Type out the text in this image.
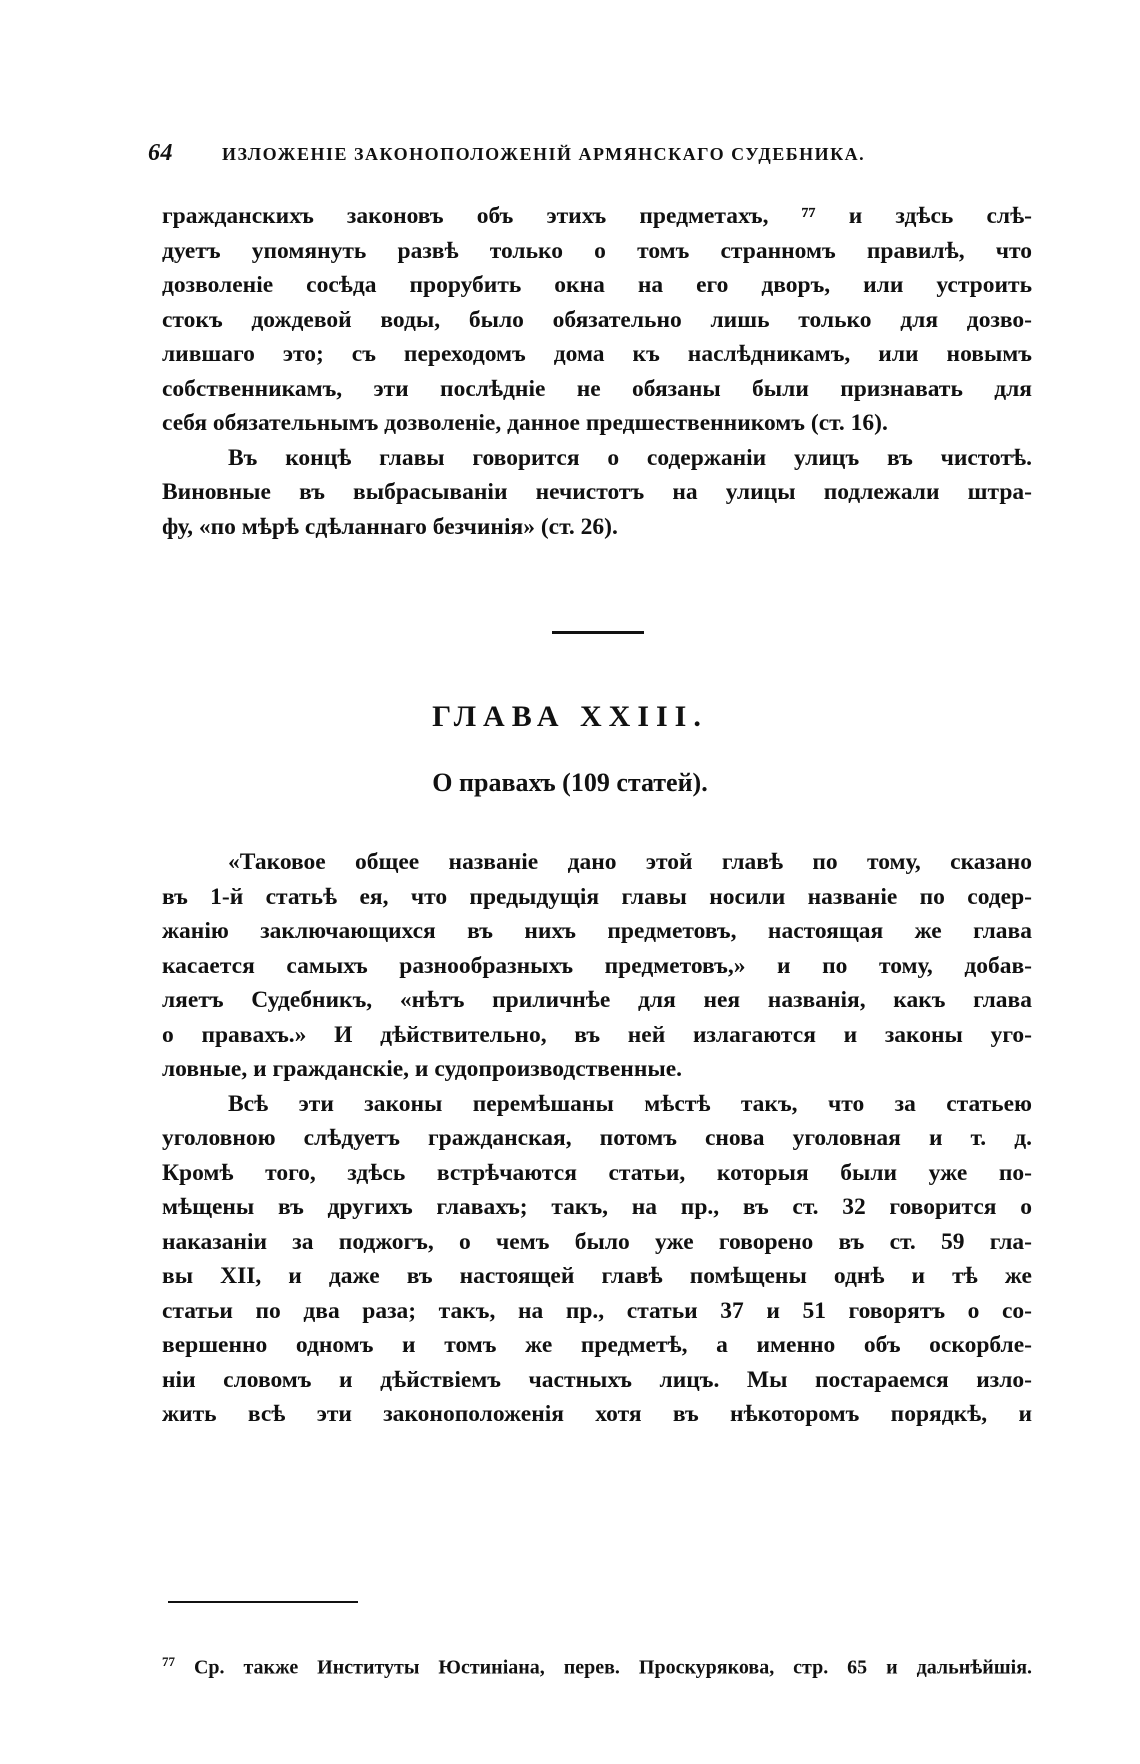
64	ИЗЛОЖЕНІЕ ЗАКОНОПОЛОЖЕНІЙ АРМЯНСКАГО СУДЕБНИКА.
гражданскихъ законовъ объ этихъ предметахъ, ⁷⁷ и здѣсь слѣ-
дуетъ упомянуть развѣ только о томъ странномъ правилѣ, что
дозволеніе сосѣда прорубить окна на его дворъ, или устроить
стокъ дождевой воды, было обязательно лишь только для дозво-
лившаго это; съ переходомъ дома къ наслѣдникамъ, или новымъ
собственникамъ, эти послѣдніе не обязаны были признавать для
себя обязательнымъ дозволеніе, данное предшественникомъ (ст. 16).
Въ концѣ главы говорится о содержаніи улицъ въ чистотѣ.
Виновные въ выбрасываніи нечистотъ на улицы подлежали штра-
фу, «по мѣрѣ сдѣланнаго безчинія» (ст. 26).
ГЛАВА XXIII.
О правахъ (109 статей).
«Таковое общее названіе дано этой главѣ по тому, сказано
въ 1-й статьѣ ея, что предыдущія главы носили названіе по содер-
жанію заключающихся въ нихъ предметовъ, настоящая же глава
касается самыхъ разнообразныхъ предметовъ,» и по тому, добав-
ляетъ Судебникъ, «нѣтъ приличнѣе для нея названія, какъ глава
о правахъ.» И дѣйствительно, въ ней излагаются и законы уго-
ловные, и гражданскіе, и судопроизводственные.
Всѣ эти законы перемѣшаны мѣстѣ такъ, что за статьею
уголовною слѣдуетъ гражданская, потомъ снова уголовная и т. д.
Кромѣ того, здѣсь встрѣчаются статьи, которыя были уже по-
мѣщены въ другихъ главахъ; такъ, на пр., въ ст. 32 говорится о
наказаніи за поджогъ, о чемъ было уже говорено въ ст. 59 гла-
вы XII, и даже въ настоящей главѣ помѣщены однѣ и тѣ же
статьи по два раза; такъ, на пр., статьи 37 и 51 говорятъ о со-
вершенно одномъ и томъ же предметѣ, а именно объ оскорбле-
ніи словомъ и дѣйствіемъ частныхъ лицъ. Мы постараемся изло-
жить всѣ эти законоположенія хотя въ нѣкоторомъ порядкѣ, и
$^{77}$ Ср. также Институты Юстиніана, перев. Проскурякова, стр. 65 и дальнѣйшія.
